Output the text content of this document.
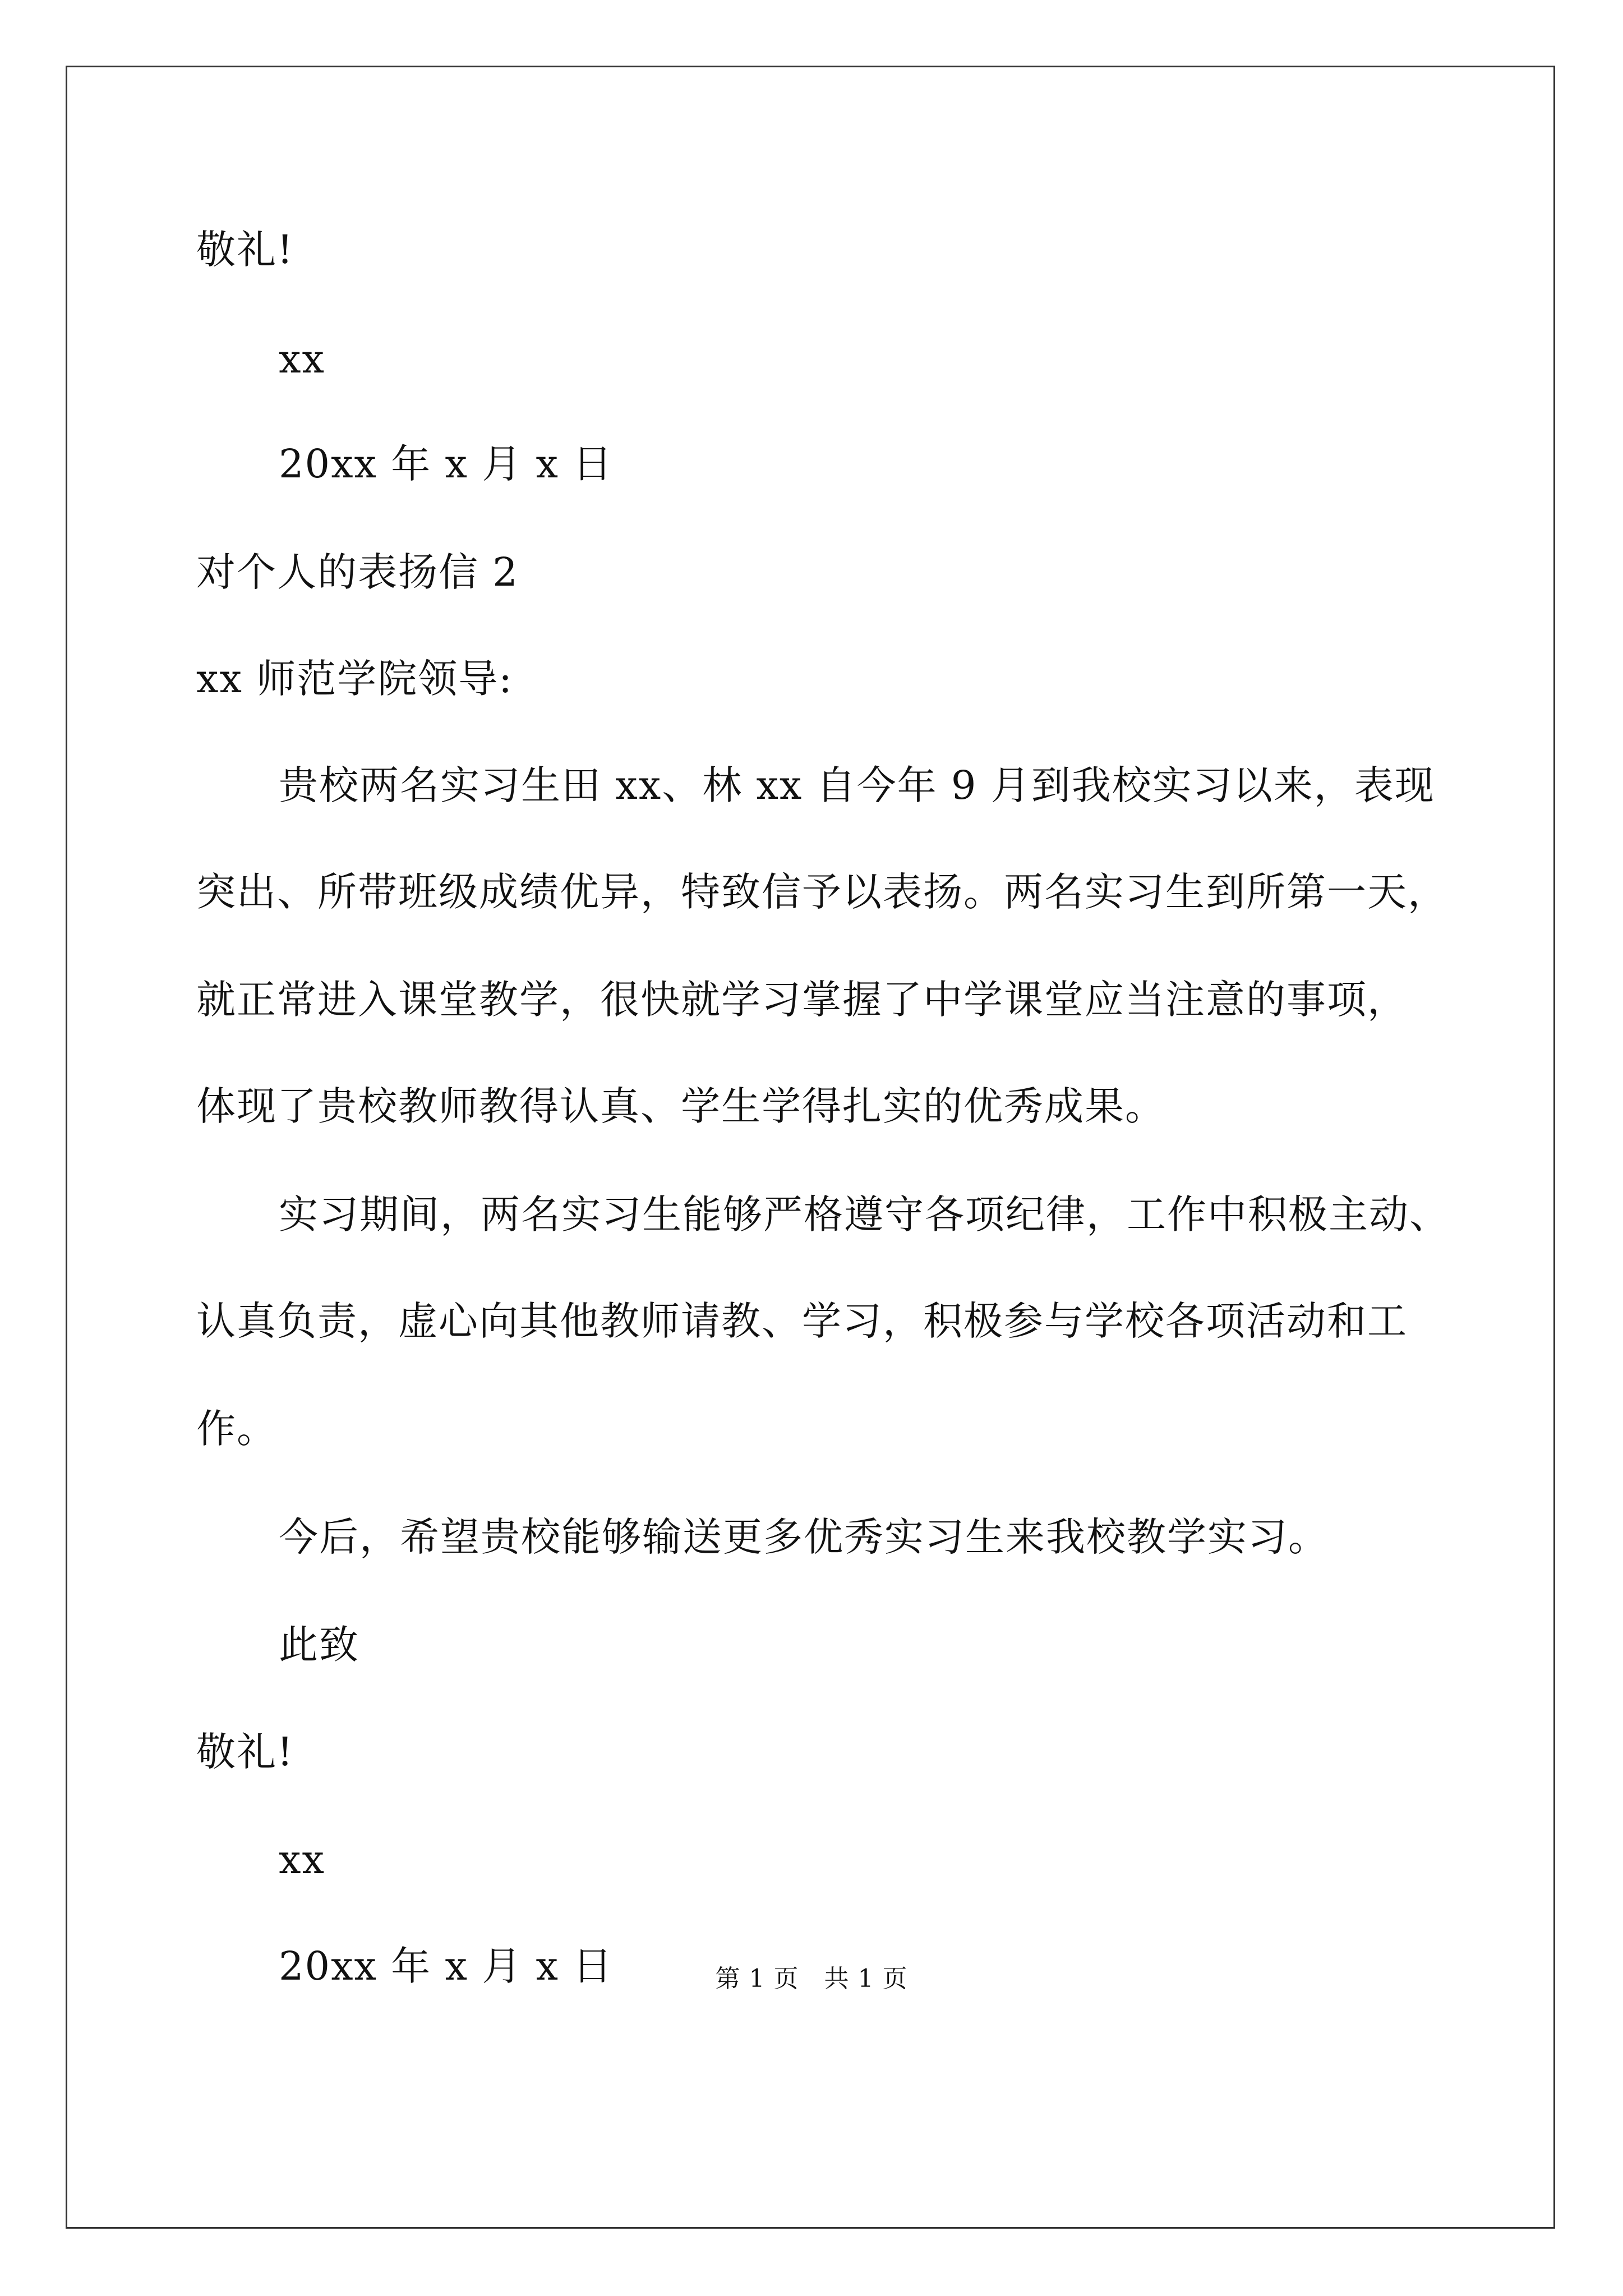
敬礼!
xx
20xx 年 x 月 x 日
对个人的表扬信 2
xx 师范学院领导:
贵校两名实习生田 xx、林 xx 自今年 9 月到我校实习以来，表现
突出、所带班级成绩优异，特致信予以表扬。两名实习生到所第一天，
就正常进入课堂教学，很快就学习掌握了中学课堂应当注意的事项，
体现了贵校教师教得认真、学生学得扎实的优秀成果。
实习期间，两名实习生能够严格遵守各项纪律，工作中积极主动、
认真负责，虚心向其他教师请教、学习，积极参与学校各项活动和工
作。
今后，希望贵校能够输送更多优秀实习生来我校教学实习。
此致
敬礼!
xx
20xx 年 x 月 x 日	第 1 页　共 1 页
